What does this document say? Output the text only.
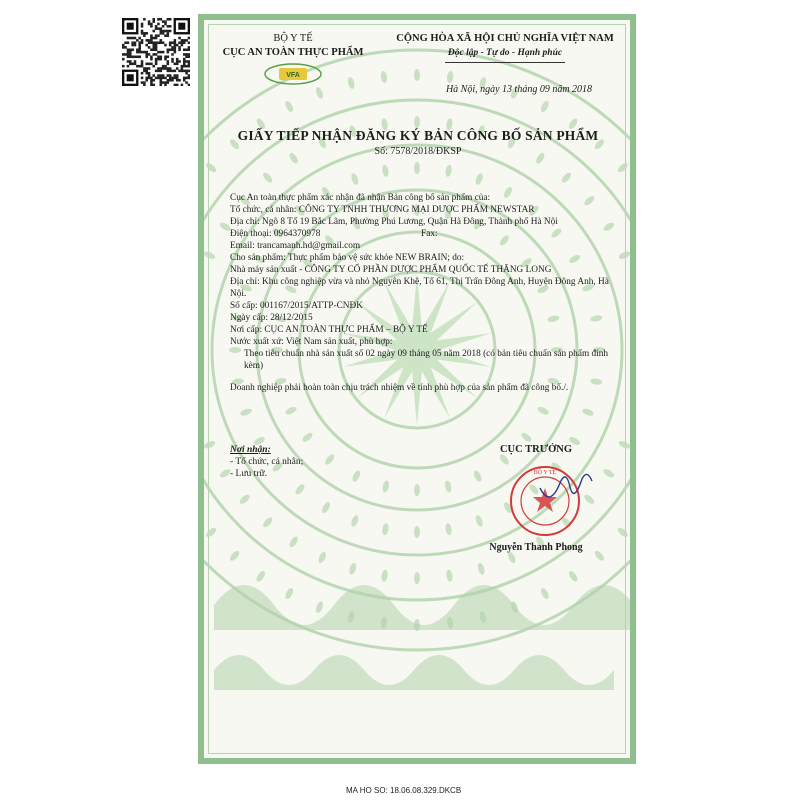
BỘ Y TẾ
CỤC AN TOÀN THỰC PHẨM
VFA
CỘNG HÒA XÃ HỘI CHỦ NGHĨA VIỆT NAM
Độc lập - Tự do - Hạnh phúc
Hà Nội, ngày 13 tháng 09 năm 2018
GIẤY TIẾP NHẬN ĐĂNG KÝ BẢN CÔNG BỐ SẢN PHẨM
Số: 7578/2018/ĐKSP
Cục An toàn thực phẩm xác nhận đã nhận Bản công bố sản phẩm của:
Tổ chức, cá nhân: CÔNG TY TNHH THƯƠNG MẠI DƯỢC PHẨM NEWSTAR
Địa chỉ: Ngõ 8 Tổ 19 Bắc Lãm, Phường Phú Lương, Quận Hà Đông, Thành phố Hà Nội
Điện thoại: 0964370978	Fax:
Email: trancamanh.hd@gmail.com
Cho sản phẩm: Thực phẩm bảo vệ sức khỏe NEW BRAIN; do:
Nhà máy sản xuất - CÔNG TY CỔ PHẦN DƯỢC PHẨM QUỐC TẾ THĂNG LONG
Địa chỉ: Khu công nghiệp vừa và nhỏ Nguyên Khê, Tổ 61, Thị Trấn Đông Anh, Huyện Đông Anh, Hà Nội.
Số cấp: 001167/2015/ATTP-CNĐK
Ngày cấp: 28/12/2015
Nơi cấp: CỤC AN TOÀN THỰC PHẨM – BỘ Y TẾ
Nước xuất xứ: Việt Nam sản xuất, phù hợp:
Theo tiêu chuẩn nhà sản xuất số 02 ngày 09 tháng 05 năm 2018 (có bản tiêu chuẩn sản phẩm đính kèm)
Doanh nghiệp phải hoàn toàn chịu trách nhiệm về tính phù hợp của sản phẩm đã công bố./.
Nơi nhận:
- Tổ chức, cá nhân;
- Lưu trữ.
CỤC TRƯỞNG
BỘ Y TẾ
Nguyễn Thanh Phong
MA HO SO: 18.06.08.329.DKCB
